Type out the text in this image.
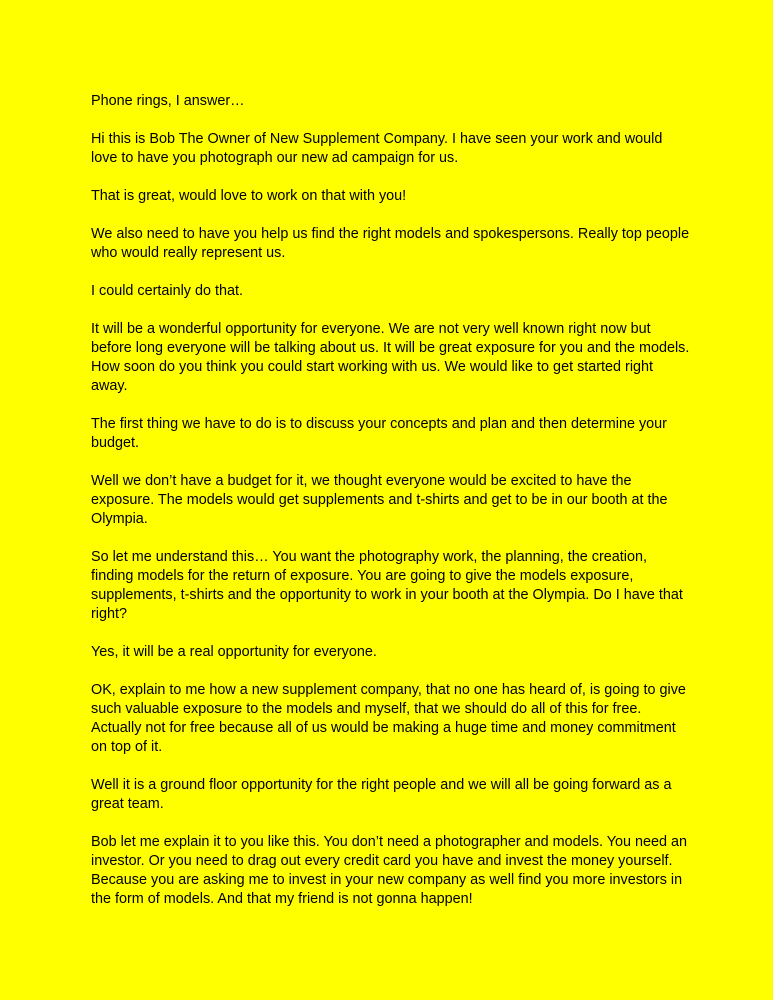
Phone rings, I answer…

Hi this is Bob The Owner of New Supplement Company. I have seen your work and would love to have you photograph our new ad campaign for us.

That is great, would love to work on that with you!

We also need to have you help us find the right models and spokespersons. Really top people who would really represent us.

I could certainly do that.

It will be a wonderful opportunity for everyone. We are not very well known right now but before long everyone will be talking about us. It will be great exposure for you and the models. How soon do you think you could start working with us. We would like to get started right away.

The first thing we have to do is to discuss your concepts and plan and then determine your budget.

Well we don’t have a budget for it, we thought everyone would be excited to have the exposure. The models would get supplements and t-shirts and get to be in our booth at the Olympia.

So let me understand this… You want the photography work, the planning, the creation, finding models for the return of exposure. You are going to give the models exposure, supplements, t-shirts and the opportunity to work in your booth at the Olympia. Do I have that right?

Yes, it will be a real opportunity for everyone.

OK, explain to me how a new supplement company, that no one has heard of, is going to give such valuable exposure to the models and myself, that we should do all of this for free. Actually not for free because all of us would be making a huge time and money commitment on top of it.

Well it is a ground floor opportunity for the right people and we will all be going forward as a great team.

Bob let me explain it to you like this. You don’t need a photographer and models. You need an investor. Or you need to drag out every credit card you have and invest the money yourself. Because you are asking me to invest in your new company as well find you more investors in the form of models. And that my friend is not gonna happen!
